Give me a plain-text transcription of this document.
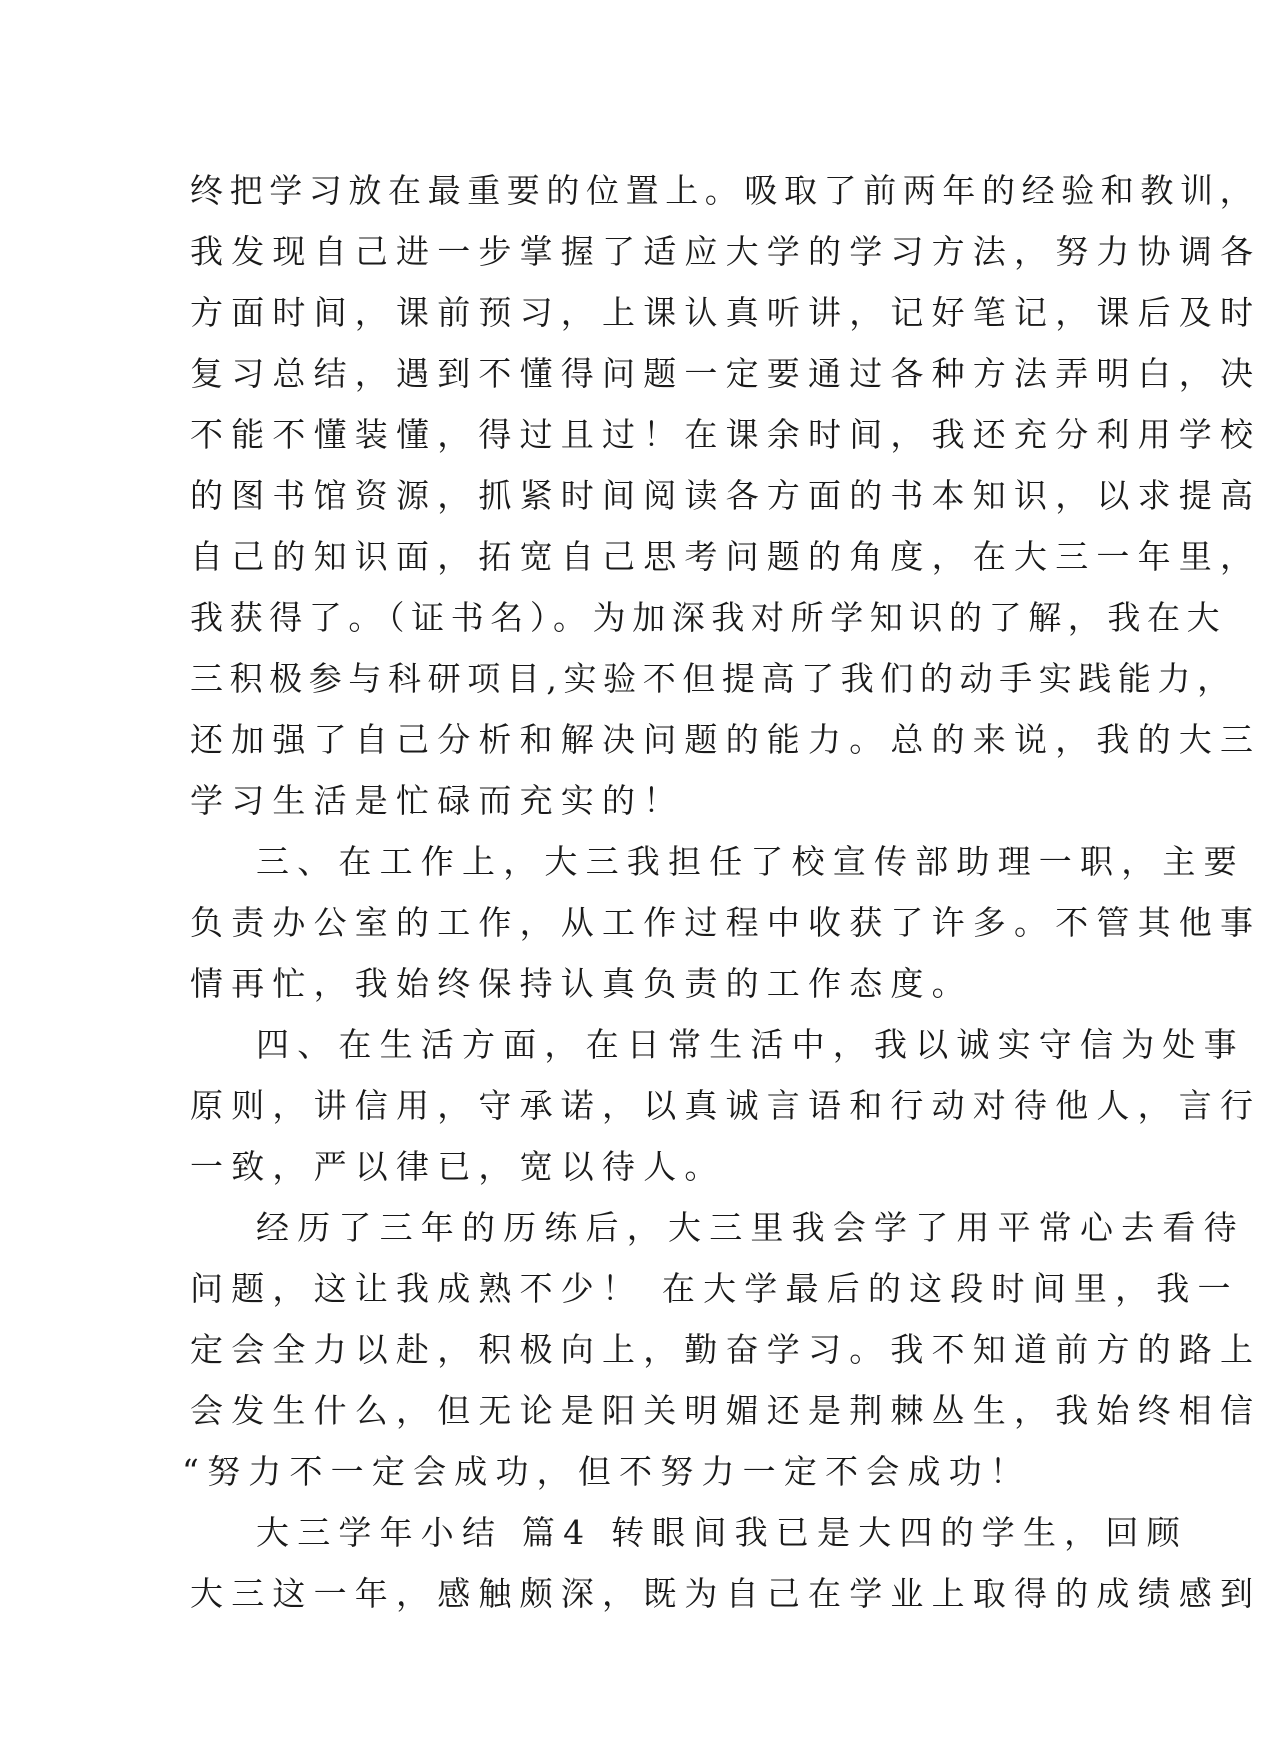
终把学习放在最重要的位置上。吸取了前两年的经验和教训，
我发现自己进一步掌握了适应大学的学习方法，努力协调各
方面时间，课前预习，上课认真听讲，记好笔记，课后及时
复习总结，遇到不懂得问题一定要通过各种方法弄明白，决
不能不懂装懂，得过且过！在课余时间，我还充分利用学校
的图书馆资源，抓紧时间阅读各方面的书本知识，以求提高
自己的知识面，拓宽自己思考问题的角度，在大三一年里，
我获得了。（证书名）。为加深我对所学知识的了解，我在大
三积极参与科研项目,实验不但提高了我们的动手实践能力，
还加强了自己分析和解决问题的能力。总的来说，我的大三
学习生活是忙碌而充实的！
三、在工作上，大三我担任了校宣传部助理一职，主要
负责办公室的工作，从工作过程中收获了许多。不管其他事
情再忙，我始终保持认真负责的工作态度。
四、在生活方面，在日常生活中，我以诚实守信为处事
原则，讲信用，守承诺，以真诚言语和行动对待他人，言行
一致，严以律已，宽以待人。
经历了三年的历练后，大三里我会学了用平常心去看待
问题，这让我成熟不少！ 在大学最后的这段时间里，我一
定会全力以赴，积极向上，勤奋学习。我不知道前方的路上
会发生什么，但无论是阳关明媚还是荆棘丛生，我始终相信
“努力不一定会成功，但不努力一定不会成功！
大三学年小结 篇4 转眼间我已是大四的学生，回顾
大三这一年，感触颇深，既为自己在学业上取得的成绩感到
